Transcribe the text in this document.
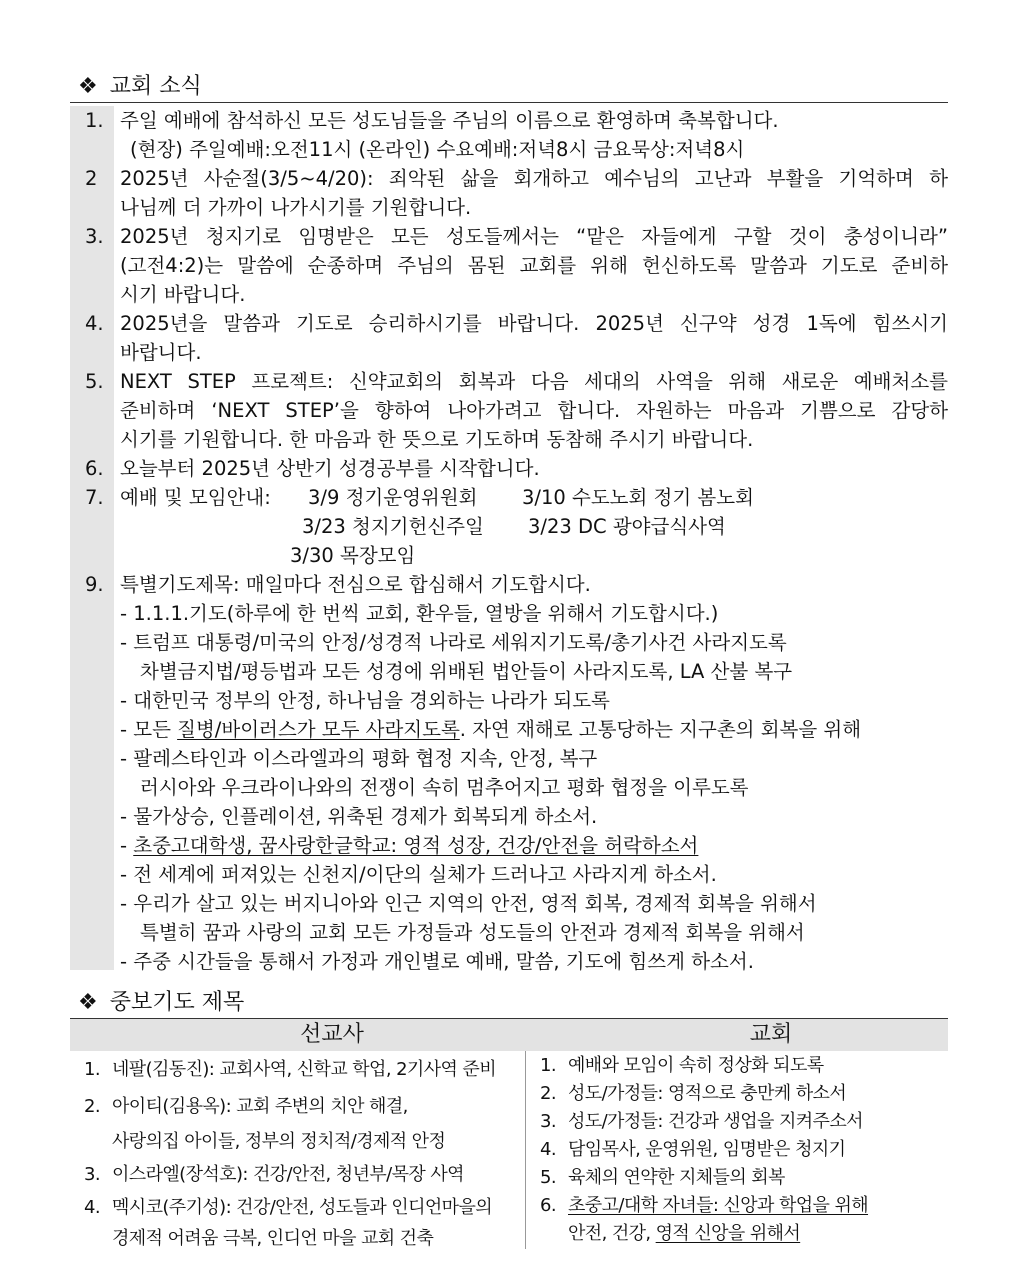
❖ 교회 소식
1. 주일 예배에 참석하신 모든 성도님들을 주님의 이름으로 환영하며 축복합니다.
(현장) 주일예배:오전11시 (온라인) 수요예배:저녁8시 금요묵상:저녁8시
2 2025년 사순절(3/5~4/20): 죄악된 삶을 회개하고 예수님의 고난과 부활을 기억하며 하
나님께 더 가까이 나가시기를 기원합니다.
3. 2025년 청지기로 임명받은 모든 성도들께서는 “맡은 자들에게 구할 것이 충성이니라”
(고전4:2)는 말씀에 순종하며 주님의 몸된 교회를 위해 헌신하도록 말씀과 기도로 준비하
시기 바랍니다.
4. 2025년을 말씀과 기도로 승리하시기를 바랍니다. 2025년 신구약 성경 1독에 힘쓰시기
바랍니다.
5. NEXT STEP 프로젝트: 신약교회의 회복과 다음 세대의 사역을 위해 새로운 예배처소를
준비하며 ‘NEXT STEP’을 향하여 나아가려고 합니다. 자원하는 마음과 기쁨으로 감당하
시기를 기원합니다. 한 마음과 한 뜻으로 기도하며 동참해 주시기 바랍니다.
6. 오늘부터 2025년 상반기 성경공부를 시작합니다.
7. 예배 및 모임안내: 3/9 정기운영위원회 3/10 수도노회 정기 봄노회
3/23 청지기헌신주일 3/23 DC 광야급식사역
3/30 목장모임
9. 특별기도제목: 매일마다 전심으로 합심해서 기도합시다.
- 1.1.1.기도(하루에 한 번씩 교회, 환우들, 열방을 위해서 기도합시다.)
- 트럼프 대통령/미국의 안정/성경적 나라로 세워지기도록/총기사건 사라지도록
차별금지법/평등법과 모든 성경에 위배된 법안들이 사라지도록, LA 산불 복구
- 대한민국 정부의 안정, 하나님을 경외하는 나라가 되도록
- 모든 질병/바이러스가 모두 사라지도록. 자연 재해로 고통당하는 지구촌의 회복을 위해
- 팔레스타인과 이스라엘과의 평화 협정 지속, 안정, 복구
러시아와 우크라이나와의 전쟁이 속히 멈추어지고 평화 협정을 이루도록
- 물가상승, 인플레이션, 위축된 경제가 회복되게 하소서.
- 초중고대학생, 꿈사랑한글학교: 영적 성장, 건강/안전을 허락하소서
- 전 세계에 퍼져있는 신천지/이단의 실체가 드러나고 사라지게 하소서.
- 우리가 살고 있는 버지니아와 인근 지역의 안전, 영적 회복, 경제적 회복을 위해서
특별히 꿈과 사랑의 교회 모든 가정들과 성도들의 안전과 경제적 회복을 위해서
- 주중 시간들을 통해서 가정과 개인별로 예배, 말씀, 기도에 힘쓰게 하소서.
❖ 중보기도 제목
선교사	교회
1. 네팔(김동진): 교회사역, 신학교 학업, 2기사역 준비
2. 아이티(김용옥): 교회 주변의 치안 해결,
사랑의집 아이들, 정부의 정치적/경제적 안정
3. 이스라엘(장석호): 건강/안전, 청년부/목장 사역
4. 멕시코(주기성): 건강/안전, 성도들과 인디언마을의
경제적 어려움 극복, 인디언 마을 교회 건축
1. 예배와 모임이 속히 정상화 되도록
2. 성도/가정들: 영적으로 충만케 하소서
3. 성도/가정들: 건강과 생업을 지켜주소서
4. 담임목사, 운영위원, 임명받은 청지기
5. 육체의 연약한 지체들의 회복
6. 초중고/대학 자녀들: 신앙과 학업을 위해
안전, 건강, 영적 신앙을 위해서
